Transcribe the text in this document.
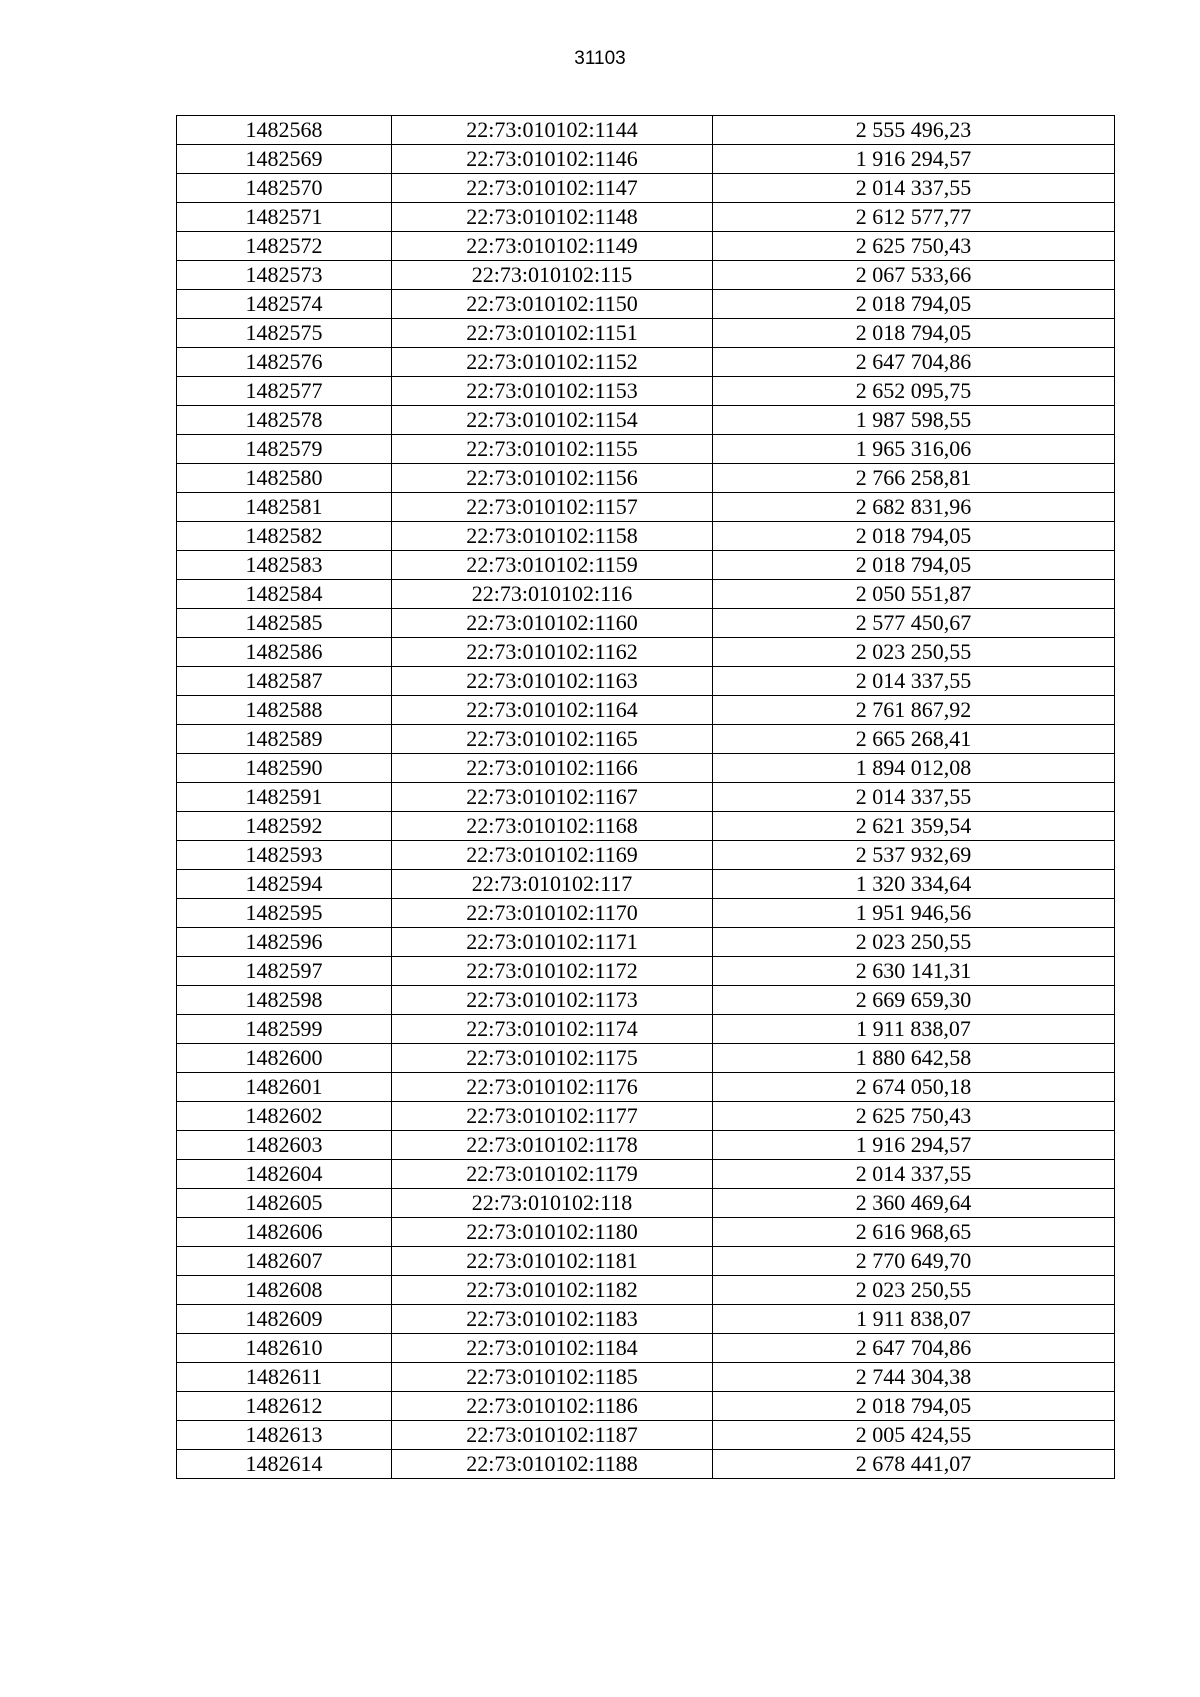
31103
1482568	22:73:010102:1144	2 555 496,23
1482569	22:73:010102:1146	1 916 294,57
1482570	22:73:010102:1147	2 014 337,55
1482571	22:73:010102:1148	2 612 577,77
1482572	22:73:010102:1149	2 625 750,43
1482573	22:73:010102:115	2 067 533,66
1482574	22:73:010102:1150	2 018 794,05
1482575	22:73:010102:1151	2 018 794,05
1482576	22:73:010102:1152	2 647 704,86
1482577	22:73:010102:1153	2 652 095,75
1482578	22:73:010102:1154	1 987 598,55
1482579	22:73:010102:1155	1 965 316,06
1482580	22:73:010102:1156	2 766 258,81
1482581	22:73:010102:1157	2 682 831,96
1482582	22:73:010102:1158	2 018 794,05
1482583	22:73:010102:1159	2 018 794,05
1482584	22:73:010102:116	2 050 551,87
1482585	22:73:010102:1160	2 577 450,67
1482586	22:73:010102:1162	2 023 250,55
1482587	22:73:010102:1163	2 014 337,55
1482588	22:73:010102:1164	2 761 867,92
1482589	22:73:010102:1165	2 665 268,41
1482590	22:73:010102:1166	1 894 012,08
1482591	22:73:010102:1167	2 014 337,55
1482592	22:73:010102:1168	2 621 359,54
1482593	22:73:010102:1169	2 537 932,69
1482594	22:73:010102:117	1 320 334,64
1482595	22:73:010102:1170	1 951 946,56
1482596	22:73:010102:1171	2 023 250,55
1482597	22:73:010102:1172	2 630 141,31
1482598	22:73:010102:1173	2 669 659,30
1482599	22:73:010102:1174	1 911 838,07
1482600	22:73:010102:1175	1 880 642,58
1482601	22:73:010102:1176	2 674 050,18
1482602	22:73:010102:1177	2 625 750,43
1482603	22:73:010102:1178	1 916 294,57
1482604	22:73:010102:1179	2 014 337,55
1482605	22:73:010102:118	2 360 469,64
1482606	22:73:010102:1180	2 616 968,65
1482607	22:73:010102:1181	2 770 649,70
1482608	22:73:010102:1182	2 023 250,55
1482609	22:73:010102:1183	1 911 838,07
1482610	22:73:010102:1184	2 647 704,86
1482611	22:73:010102:1185	2 744 304,38
1482612	22:73:010102:1186	2 018 794,05
1482613	22:73:010102:1187	2 005 424,55
1482614	22:73:010102:1188	2 678 441,07
